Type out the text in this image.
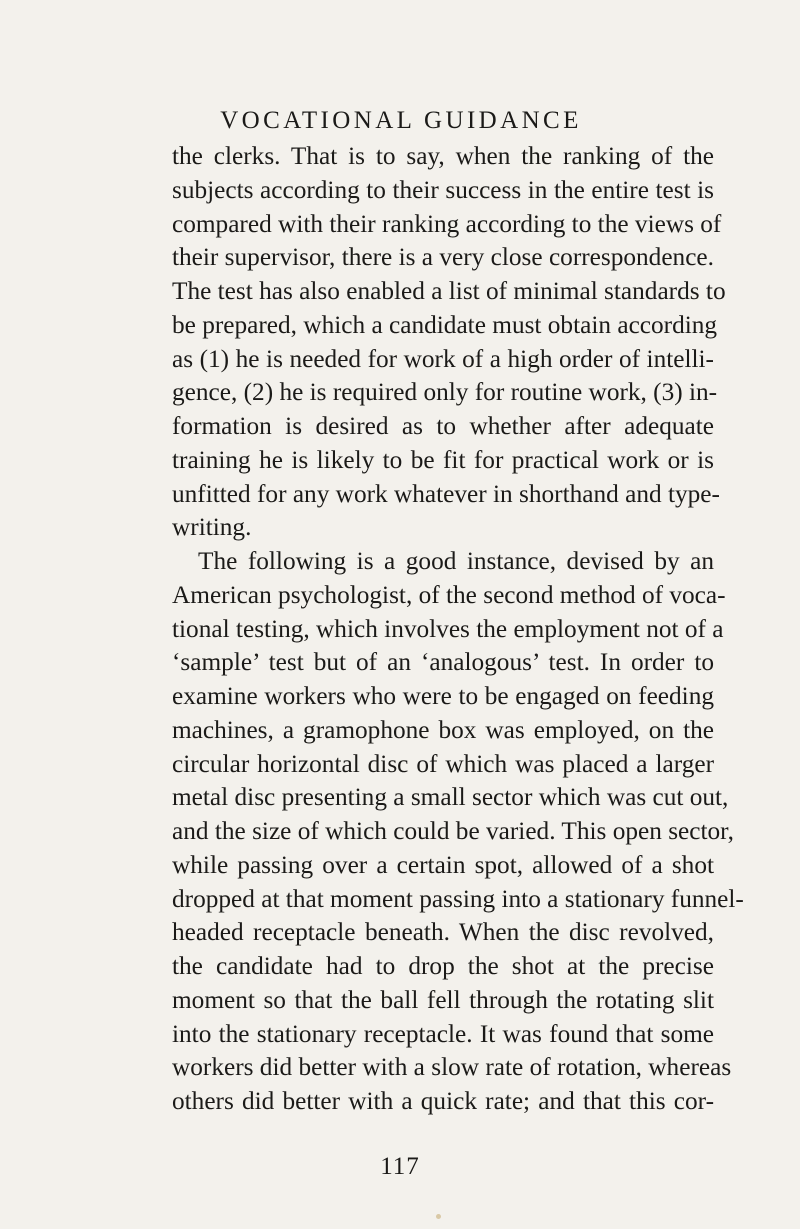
VOCATIONAL GUIDANCE
the clerks. That is to say, when the ranking of the
subjects according to their success in the entire test is
compared with their ranking according to the views of
their supervisor, there is a very close correspondence.
The test has also enabled a list of minimal standards to
be prepared, which a candidate must obtain according
as (1) he is needed for work of a high order of intelli-
gence, (2) he is required only for routine work, (3) in-
formation is desired as to whether after adequate
training he is likely to be fit for practical work or is
unfitted for any work whatever in shorthand and type-
writing.
The following is a good instance, devised by an
American psychologist, of the second method of voca-
tional testing, which involves the employment not of a
‘sample’ test but of an ‘analogous’ test. In order to
examine workers who were to be engaged on feeding
machines, a gramophone box was employed, on the
circular horizontal disc of which was placed a larger
metal disc presenting a small sector which was cut out,
and the size of which could be varied. This open sector,
while passing over a certain spot, allowed of a shot
dropped at that moment passing into a stationary funnel-
headed receptacle beneath. When the disc revolved,
the candidate had to drop the shot at the precise
moment so that the ball fell through the rotating slit
into the stationary receptacle. It was found that some
workers did better with a slow rate of rotation, whereas
others did better with a quick rate; and that this cor-
117
